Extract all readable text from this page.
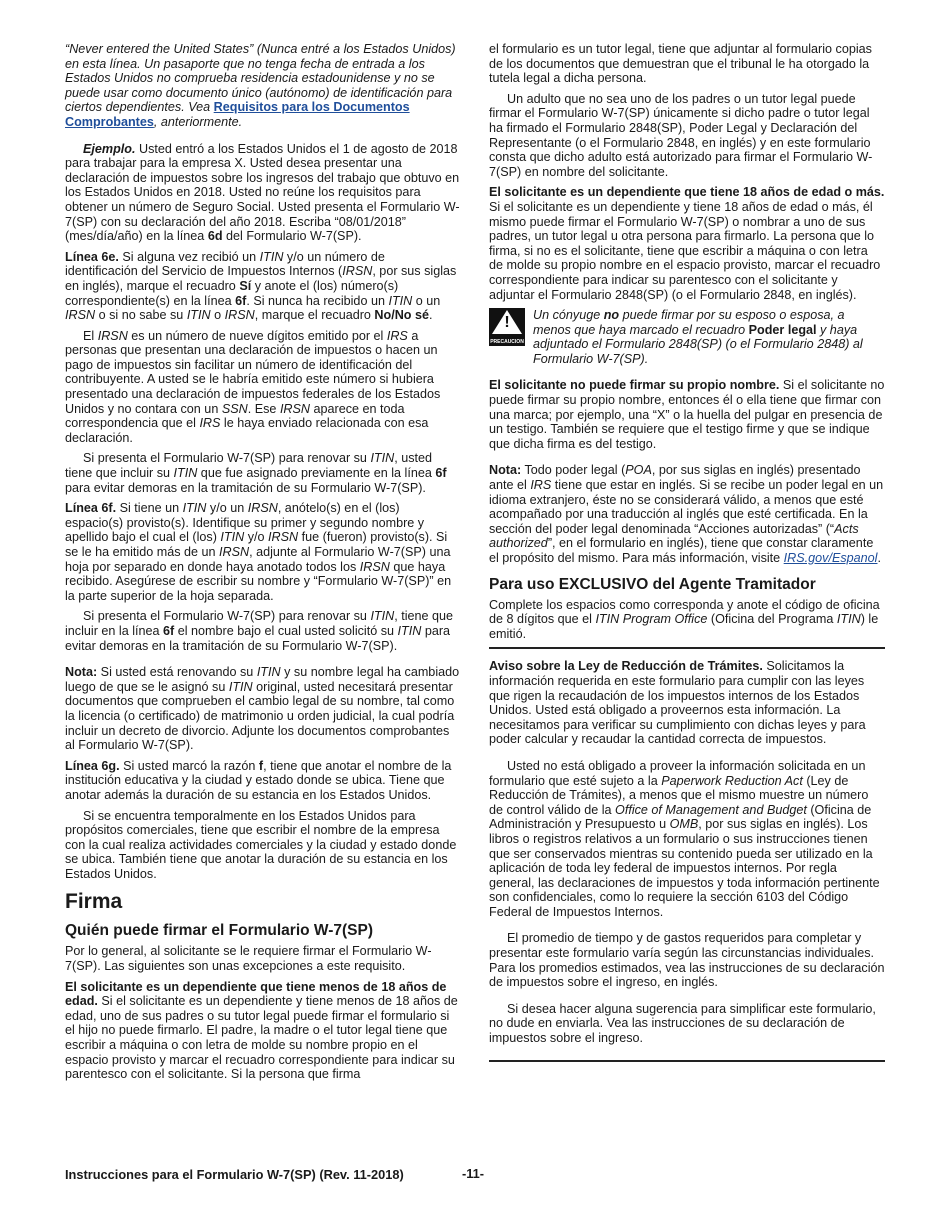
“Never entered the United States” (Nunca entré a los Estados Unidos) en esta línea. Un pasaporte que no tenga fecha de entrada a los Estados Unidos no comprueba residencia estadounidense y no se puede usar como documento único (autónomo) de identificación para ciertos dependientes. Vea Requisitos para los Documentos Comprobantes, anteriormente.

Ejemplo. Usted entró a los Estados Unidos el 1 de agosto de 2018 para trabajar para la empresa X. Usted desea presentar una declaración de impuestos sobre los ingresos del trabajo que obtuvo en los Estados Unidos en 2018. Usted no reúne los requisitos para obtener un número de Seguro Social. Usted presenta el Formulario W-7(SP) con su declaración del año 2018. Escriba “08/01/2018” (mes/día/año) en la línea 6d del Formulario W-7(SP).

Línea 6e. Si alguna vez recibió un ITIN y/o un número de identificación del Servicio de Impuestos Internos (IRSN, por sus siglas en inglés), marque el recuadro Sí y anote el (los) número(s) correspondiente(s) en la línea 6f. Si nunca ha recibido un ITIN o un IRSN o si no sabe su ITIN o IRSN, marque el recuadro No/No sé.

El IRSN es un número de nueve dígitos emitido por el IRS a personas que presentan una declaración de impuestos o hacen un pago de impuestos sin facilitar un número de identificación del contribuyente. A usted se le habría emitido este número si hubiera presentado una declaración de impuestos federales de los Estados Unidos y no contara con un SSN. Ese IRSN aparece en toda correspondencia que el IRS le haya enviado relacionada con esa declaración.

Si presenta el Formulario W-7(SP) para renovar su ITIN, usted tiene que incluir su ITIN que fue asignado previamente en la línea 6f para evitar demoras en la tramitación de su Formulario W-7(SP).

Línea 6f. Si tiene un ITIN y/o un IRSN, anótelo(s) en el (los) espacio(s) provisto(s). Identifique su primer y segundo nombre y apellido bajo el cual el (los) ITIN y/o IRSN fue (fueron) provisto(s). Si se le ha emitido más de un IRSN, adjunte al Formulario W-7(SP) una hoja por separado en donde haya anotado todos los IRSN que haya recibido. Asegúrese de escribir su nombre y “Formulario W-7(SP)” en la parte superior de la hoja separada.

Si presenta el Formulario W-7(SP) para renovar su ITIN, tiene que incluir en la línea 6f el nombre bajo el cual usted solicitó su ITIN para evitar demoras en la tramitación de su Formulario W-7(SP).

Nota: Si usted está renovando su ITIN y su nombre legal ha cambiado luego de que se le asignó su ITIN original, usted necesitará presentar documentos que comprueben el cambio legal de su nombre, tal como la licencia (o certificado) de matrimonio u orden judicial, la cual podría incluir un decreto de divorcio. Adjunte los documentos comprobantes al Formulario W-7(SP).

Línea 6g. Si usted marcó la razón f, tiene que anotar el nombre de la institución educativa y la ciudad y estado donde se ubica. Tiene que anotar además la duración de su estancia en los Estados Unidos.

Si se encuentra temporalmente en los Estados Unidos para propósitos comerciales, tiene que escribir el nombre de la empresa con la cual realiza actividades comerciales y la ciudad y estado donde se ubica. También tiene que anotar la duración de su estancia en los Estados Unidos.

Firma
Quién puede firmar el Formulario W-7(SP)

Por lo general, al solicitante se le requiere firmar el Formulario W-7(SP). Las siguientes son unas excepciones a este requisito.

El solicitante es un dependiente que tiene menos de 18 años de edad. Si el solicitante es un dependiente y tiene menos de 18 años de edad, uno de sus padres o su tutor legal puede firmar el formulario si el hijo no puede firmarlo. El padre, la madre o el tutor legal tiene que escribir a máquina o con letra de molde su nombre propio en el espacio provisto y marcar el recuadro correspondiente para indicar su parentesco con el solicitante. Si la persona que firma

el formulario es un tutor legal, tiene que adjuntar al formulario copias de los documentos que demuestran que el tribunal le ha otorgado la tutela legal a dicha persona.

Un adulto que no sea uno de los padres o un tutor legal puede firmar el Formulario W-7(SP) únicamente si dicho padre o tutor legal ha firmado el Formulario 2848(SP), Poder Legal y Declaración del Representante (o el Formulario 2848, en inglés) y en este formulario consta que dicho adulto está autorizado para firmar el Formulario W-7(SP) en nombre del solicitante.

El solicitante es un dependiente que tiene 18 años de edad o más. Si el solicitante es un dependiente y tiene 18 años de edad o más, él mismo puede firmar el Formulario W-7(SP) o nombrar a uno de sus padres, un tutor legal u otra persona para firmarlo. La persona que lo firma, si no es el solicitante, tiene que escribir a máquina o con letra de molde su propio nombre en el espacio provisto, marcar el recuadro correspondiente para indicar su parentesco con el solicitante y adjuntar el Formulario 2848(SP) (o el Formulario 2848, en inglés).

!
PRECAUCION
Un cónyuge no puede firmar por su esposo o esposa, a menos que haya marcado el recuadro Poder legal y haya adjuntado el Formulario 2848(SP) (o el Formulario 2848) al Formulario W-7(SP).

El solicitante no puede firmar su propio nombre. Si el solicitante no puede firmar su propio nombre, entonces él o ella tiene que firmar con una marca; por ejemplo, una “X” o la huella del pulgar en presencia de un testigo. También se requiere que el testigo firme y que se indique que dicha firma es del testigo.

Nota: Todo poder legal (POA, por sus siglas en inglés) presentado ante el IRS tiene que estar en inglés. Si se recibe un poder legal en un idioma extranjero, éste no se considerará válido, a menos que esté acompañado por una traducción al inglés que esté certificada. En la sección del poder legal denominada “Acciones autorizadas” (“Acts authorized”, en el formulario en inglés), tiene que constar claramente el propósito del mismo. Para más información, visite IRS.gov/Espanol.

Para uso EXCLUSIVO del Agente Tramitador

Complete los espacios como corresponda y anote el código de oficina de 8 dígitos que el ITIN Program Office (Oficina del Programa ITIN) le emitió.

Aviso sobre la Ley de Reducción de Trámites. Solicitamos la información requerida en este formulario para cumplir con las leyes que rigen la recaudación de los impuestos internos de los Estados Unidos. Usted está obligado a proveernos esta información. La necesitamos para verificar su cumplimiento con dichas leyes y para poder calcular y recaudar la cantidad correcta de impuestos.

Usted no está obligado a proveer la información solicitada en un formulario que esté sujeto a la Paperwork Reduction Act (Ley de Reducción de Trámites), a menos que el mismo muestre un número de control válido de la Office of Management and Budget (Oficina de Administración y Presupuesto u OMB, por sus siglas en inglés). Los libros o registros relativos a un formulario o sus instrucciones tienen que ser conservados mientras su contenido pueda ser utilizado en la aplicación de toda ley federal de impuestos internos. Por regla general, las declaraciones de impuestos y toda información pertinente son confidenciales, como lo requiere la sección 6103 del Código Federal de Impuestos Internos.

El promedio de tiempo y de gastos requeridos para completar y presentar este formulario varía según las circunstancias individuales. Para los promedios estimados, vea las instrucciones de su declaración de impuestos sobre el ingreso, en inglés.

Si desea hacer alguna sugerencia para simplificar este formulario, no dude en enviarla. Vea las instrucciones de su declaración de impuestos sobre el ingreso.

Instrucciones para el Formulario W-7(SP) (Rev. 11-2018)	-11-
